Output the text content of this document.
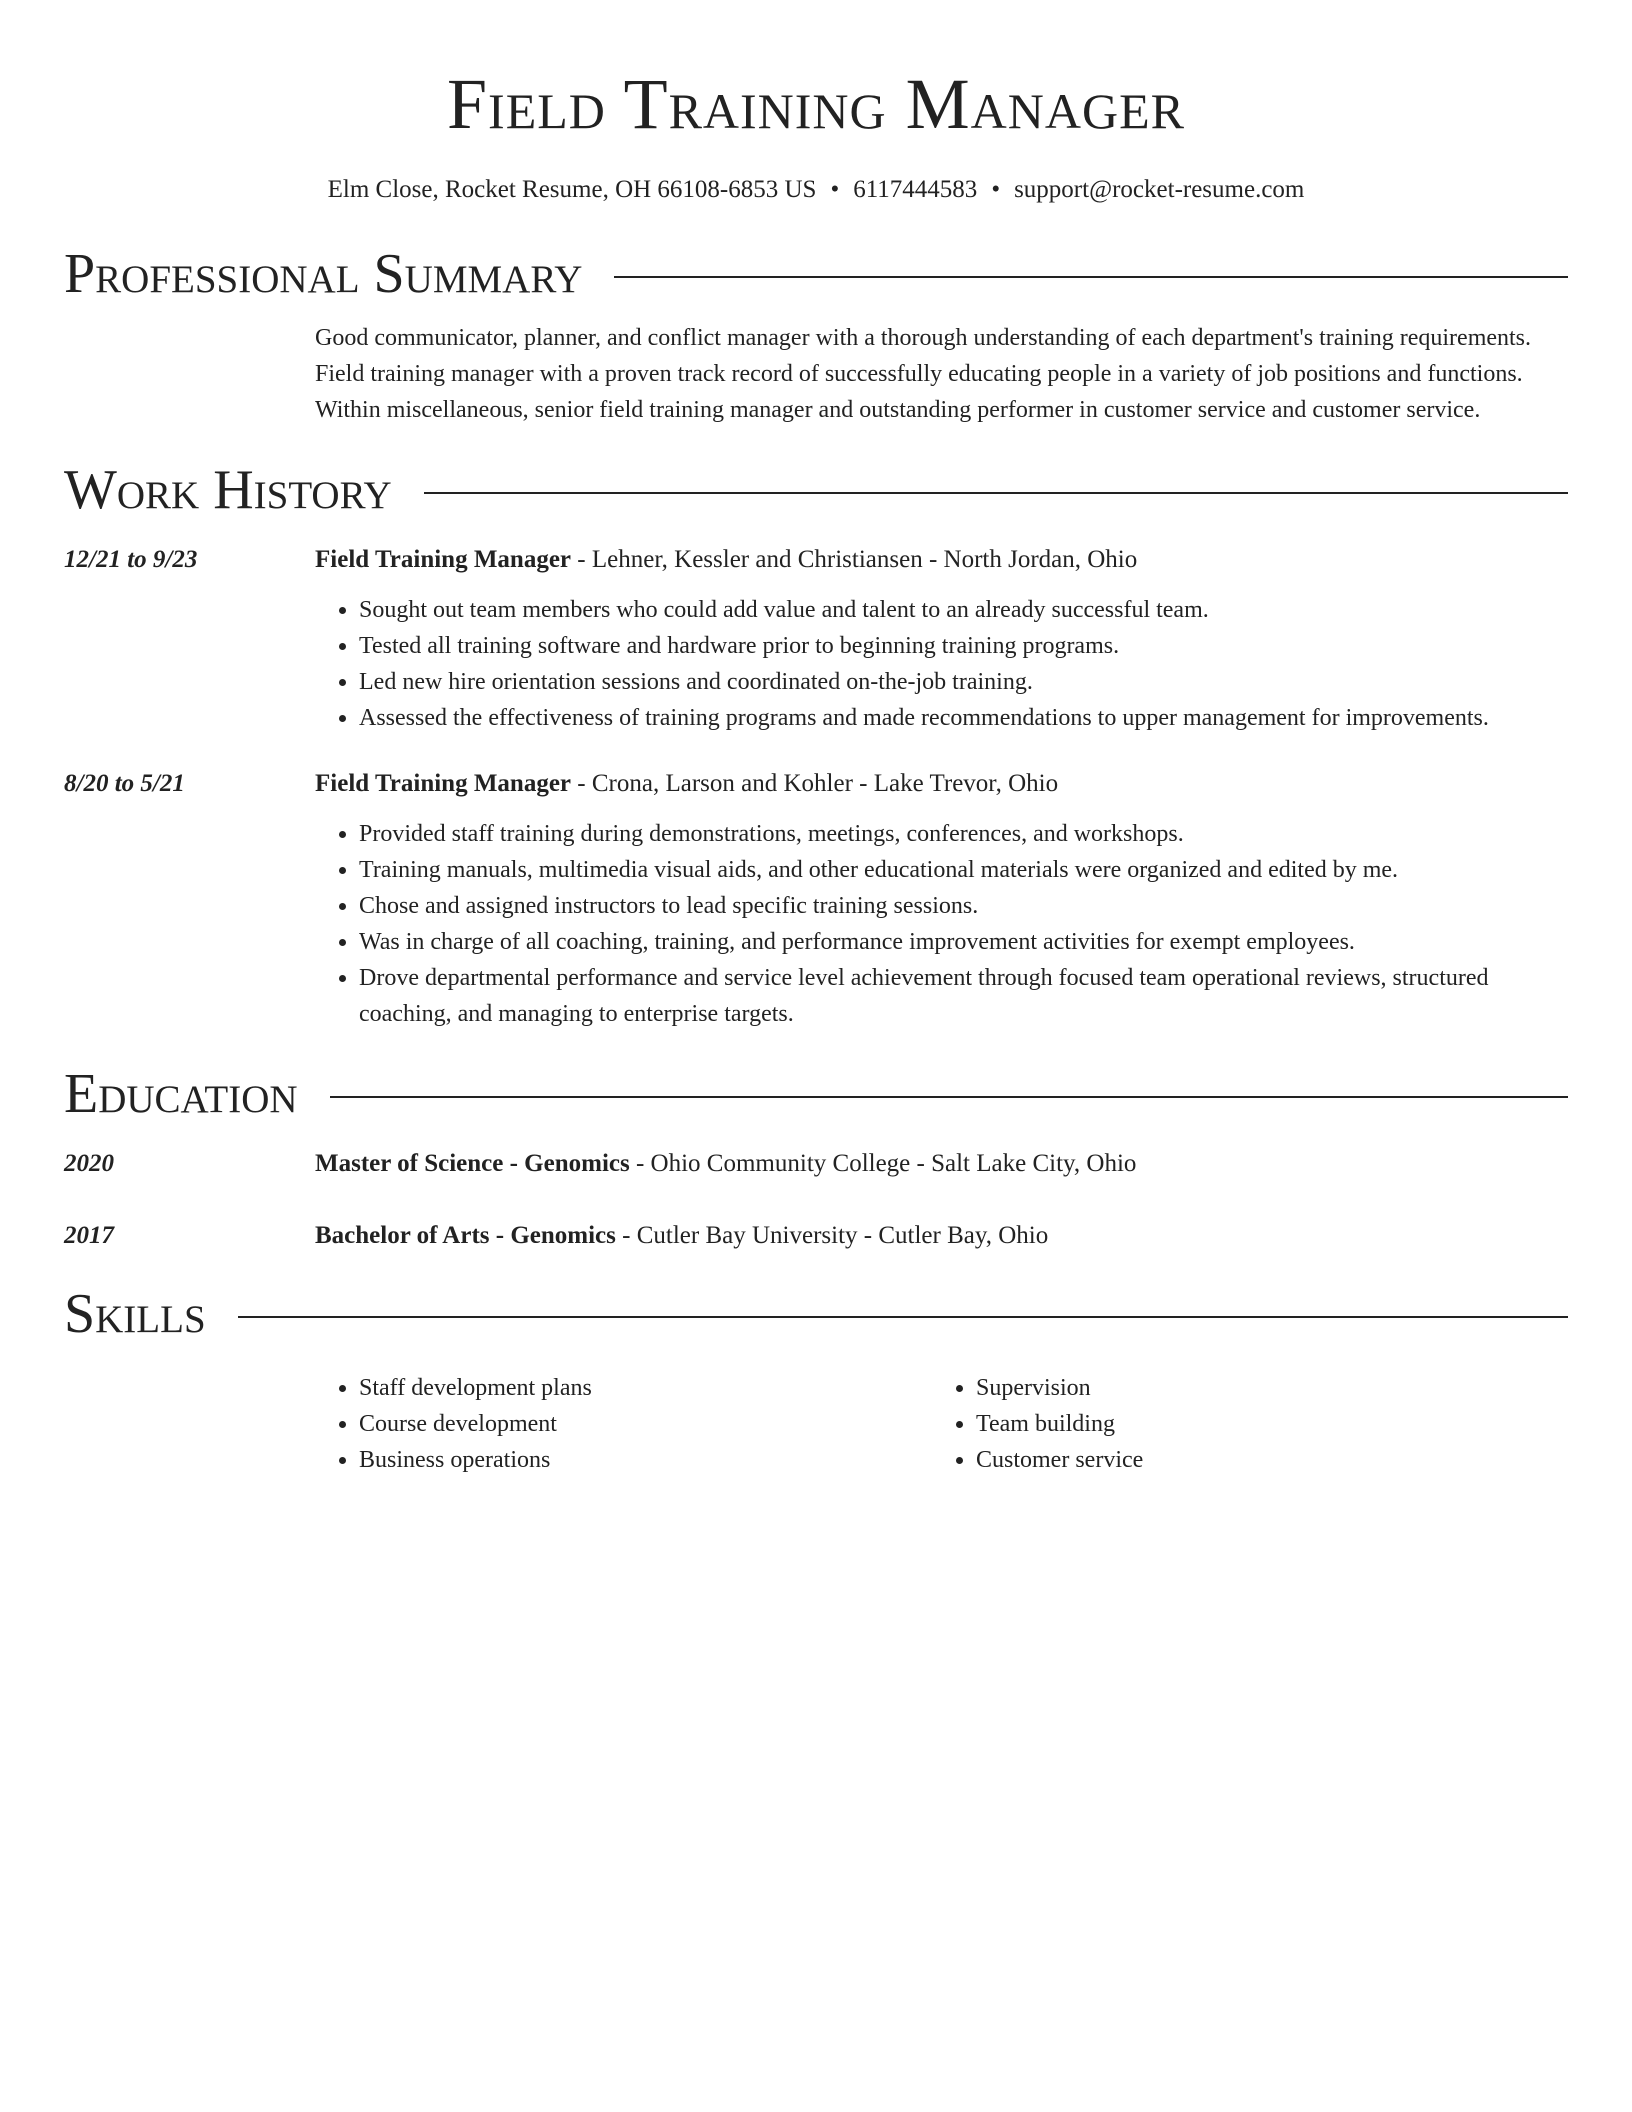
Field Training Manager
Elm Close, Rocket Resume, OH 66108-6853 US • 6117444583 • support@rocket-resume.com
Professional Summary
Good communicator, planner, and conflict manager with a thorough understanding of each department's training requirements. Field training manager with a proven track record of successfully educating people in a variety of job positions and functions. Within miscellaneous, senior field training manager and outstanding performer in customer service and customer service.
Work History
12/21 to 9/23	Field Training Manager - Lehner, Kessler and Christiansen - North Jordan, Ohio
• Sought out team members who could add value and talent to an already successful team.
• Tested all training software and hardware prior to beginning training programs.
• Led new hire orientation sessions and coordinated on-the-job training.
• Assessed the effectiveness of training programs and made recommendations to upper management for improvements.
8/20 to 5/21	Field Training Manager - Crona, Larson and Kohler - Lake Trevor, Ohio
• Provided staff training during demonstrations, meetings, conferences, and workshops.
• Training manuals, multimedia visual aids, and other educational materials were organized and edited by me.
• Chose and assigned instructors to lead specific training sessions.
• Was in charge of all coaching, training, and performance improvement activities for exempt employees.
• Drove departmental performance and service level achievement through focused team operational reviews, structured coaching, and managing to enterprise targets.
Education
2020	Master of Science - Genomics - Ohio Community College - Salt Lake City, Ohio
2017	Bachelor of Arts - Genomics - Cutler Bay University - Cutler Bay, Ohio
Skills
• Staff development plans
• Course development
• Business operations
• Supervision
• Team building
• Customer service
